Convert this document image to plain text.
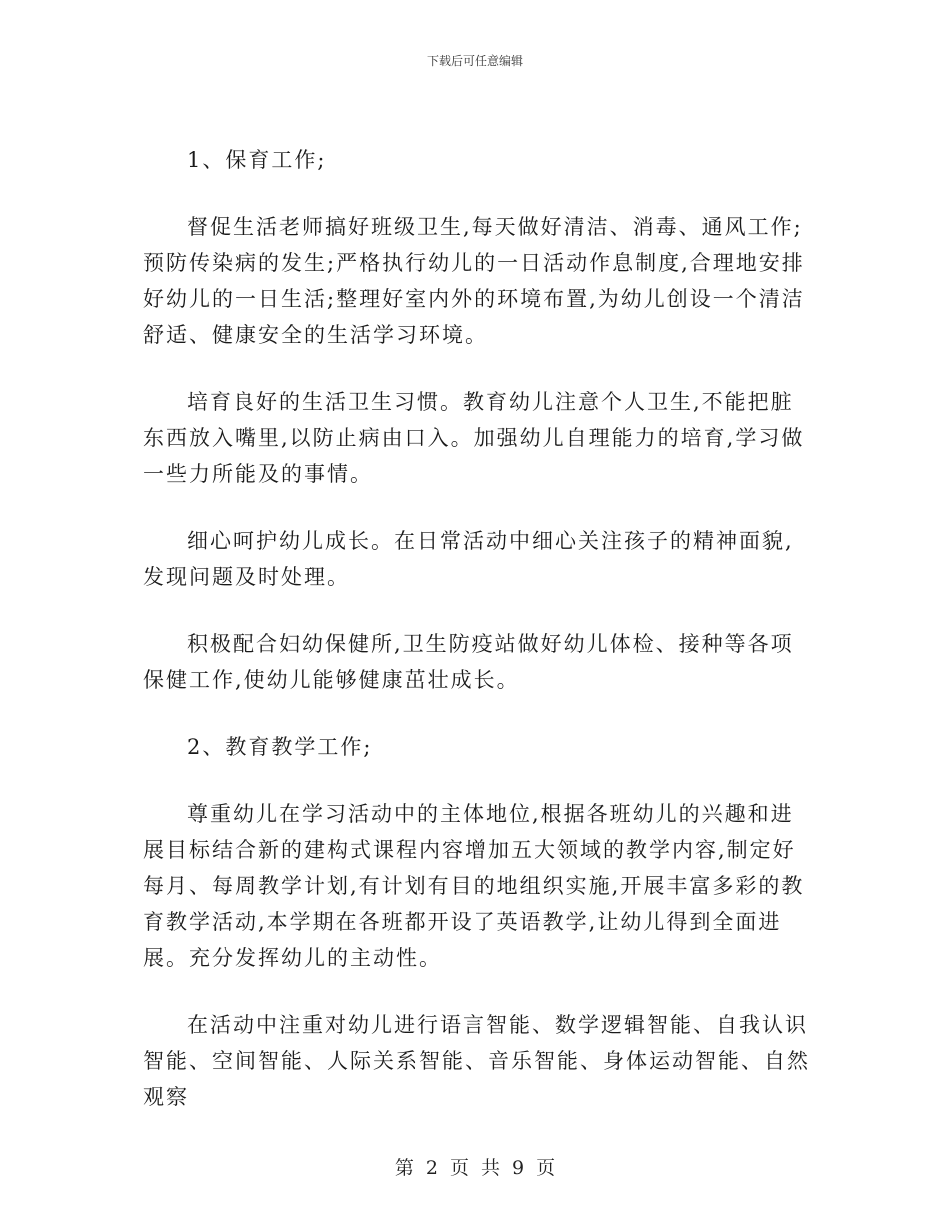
下载后可任意编辑

1、保育工作;

督促生活老师搞好班级卫生,每天做好清洁、消毒、通风工作;预防传染病的发生;严格执行幼儿的一日活动作息制度,合理地安排好幼儿的一日生活;整理好室内外的环境布置,为幼儿创设一个清洁舒适、健康安全的生活学习环境。

培育良好的生活卫生习惯。教育幼儿注意个人卫生,不能把脏东西放入嘴里,以防止病由口入。加强幼儿自理能力的培育,学习做一些力所能及的事情。

细心呵护幼儿成长。在日常活动中细心关注孩子的精神面貌,发现问题及时处理。

积极配合妇幼保健所,卫生防疫站做好幼儿体检、接种等各项保健工作,使幼儿能够健康茁壮成长。

2、教育教学工作;

尊重幼儿在学习活动中的主体地位,根据各班幼儿的兴趣和进展目标结合新的建构式课程内容增加五大领域的教学内容,制定好每月、每周教学计划,有计划有目的地组织实施,开展丰富多彩的教育教学活动,本学期在各班都开设了英语教学,让幼儿得到全面进展。充分发挥幼儿的主动性。

在活动中注重对幼儿进行语言智能、数学逻辑智能、自我认识智能、空间智能、人际关系智能、音乐智能、身体运动智能、自然观察

第 2 页 共 9 页
